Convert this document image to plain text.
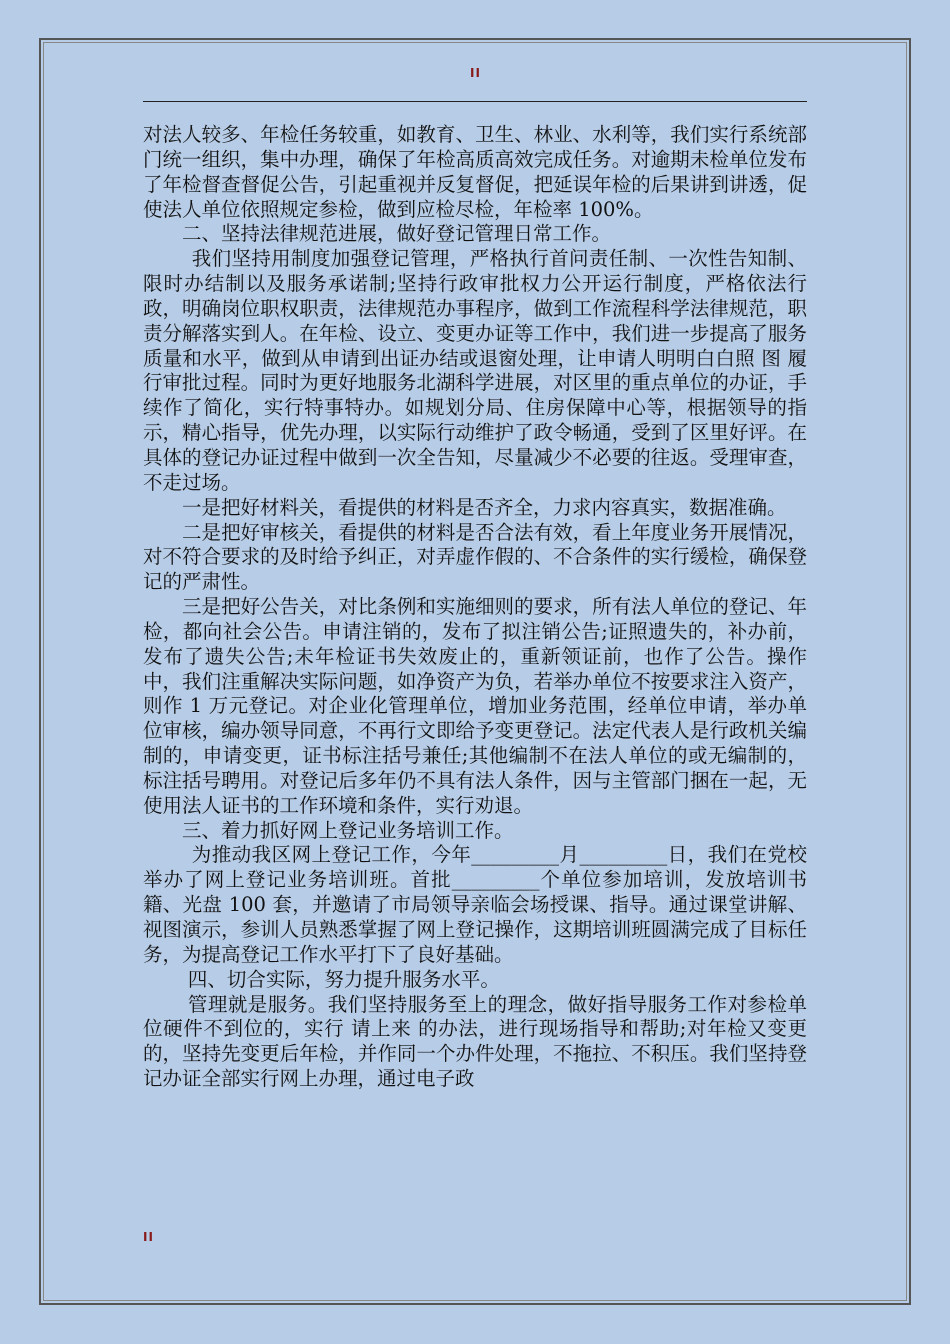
II

对法人较多、年检任务较重，如教育、卫生、林业、水利等，我们实行系统部门统一组织，集中办理，确保了年检高质高效完成任务。对逾期未检单位发布了年检督查督促公告，引起重视并反复督促，把延误年检的后果讲到讲透，促使法人单位依照规定参检，做到应检尽检，年检率 100%。

二、坚持法律规范进展，做好登记管理日常工作。

我们坚持用制度加强登记管理，严格执行首问责任制、一次性告知制、限时办结制以及服务承诺制;坚持行政审批权力公开运行制度，严格依法行政，明确岗位职权职责，法律规范办事程序，做到工作流程科学法律规范，职责分解落实到人。在年检、设立、变更办证等工作中，我们进一步提高了服务质量和水平，做到从申请到出证办结或退窗处理，让申请人明明白白照 图 履行审批过程。同时为更好地服务北湖科学进展，对区里的重点单位的办证，手续作了简化，实行特事特办。如规划分局、住房保障中心等，根据领导的指示，精心指导，优先办理，以实际行动维护了政令畅通，受到了区里好评。在具体的登记办证过程中做到一次全告知，尽量减少不必要的往返。受理审查，不走过场。

一是把好材料关，看提供的材料是否齐全，力求内容真实，数据准确。

二是把好审核关，看提供的材料是否合法有效，看上年度业务开展情况，对不符合要求的及时给予纠正，对弄虚作假的、不合条件的实行缓检，确保登记的严肃性。

三是把好公告关，对比条例和实施细则的要求，所有法人单位的登记、年检，都向社会公告。申请注销的，发布了拟注销公告;证照遗失的，补办前，发布了遗失公告;未年检证书失效废止的，重新领证前，也作了公告。操作中，我们注重解决实际问题，如净资产为负，若举办单位不按要求注入资产，则作 1 万元登记。对企业化管理单位，增加业务范围，经单位申请，举办单位审核，编办领导同意，不再行文即给予变更登记。法定代表人是行政机关编制的，申请变更，证书标注括号兼任;其他编制不在法人单位的或无编制的，标注括号聘用。对登记后多年仍不具有法人条件，因与主管部门捆在一起，无使用法人证书的工作环境和条件，实行劝退。

三、着力抓好网上登记业务培训工作。

为推动我区网上登记工作，今年_________月_________日，我们在党校举办了网上登记业务培训班。首批_________个单位参加培训，发放培训书籍、光盘 100 套，并邀请了市局领导亲临会场授课、指导。通过课堂讲解、视图演示，参训人员熟悉掌握了网上登记操作，这期培训班圆满完成了目标任务，为提高登记工作水平打下了良好基础。

四、切合实际，努力提升服务水平。

管理就是服务。我们坚持服务至上的理念，做好指导服务工作对参检单位硬件不到位的，实行 请上来 的办法，进行现场指导和帮助;对年检又变更的，坚持先变更后年检，并作同一个办件处理，不拖拉、不积压。我们坚持登记办证全部实行网上办理，通过电子政

II
